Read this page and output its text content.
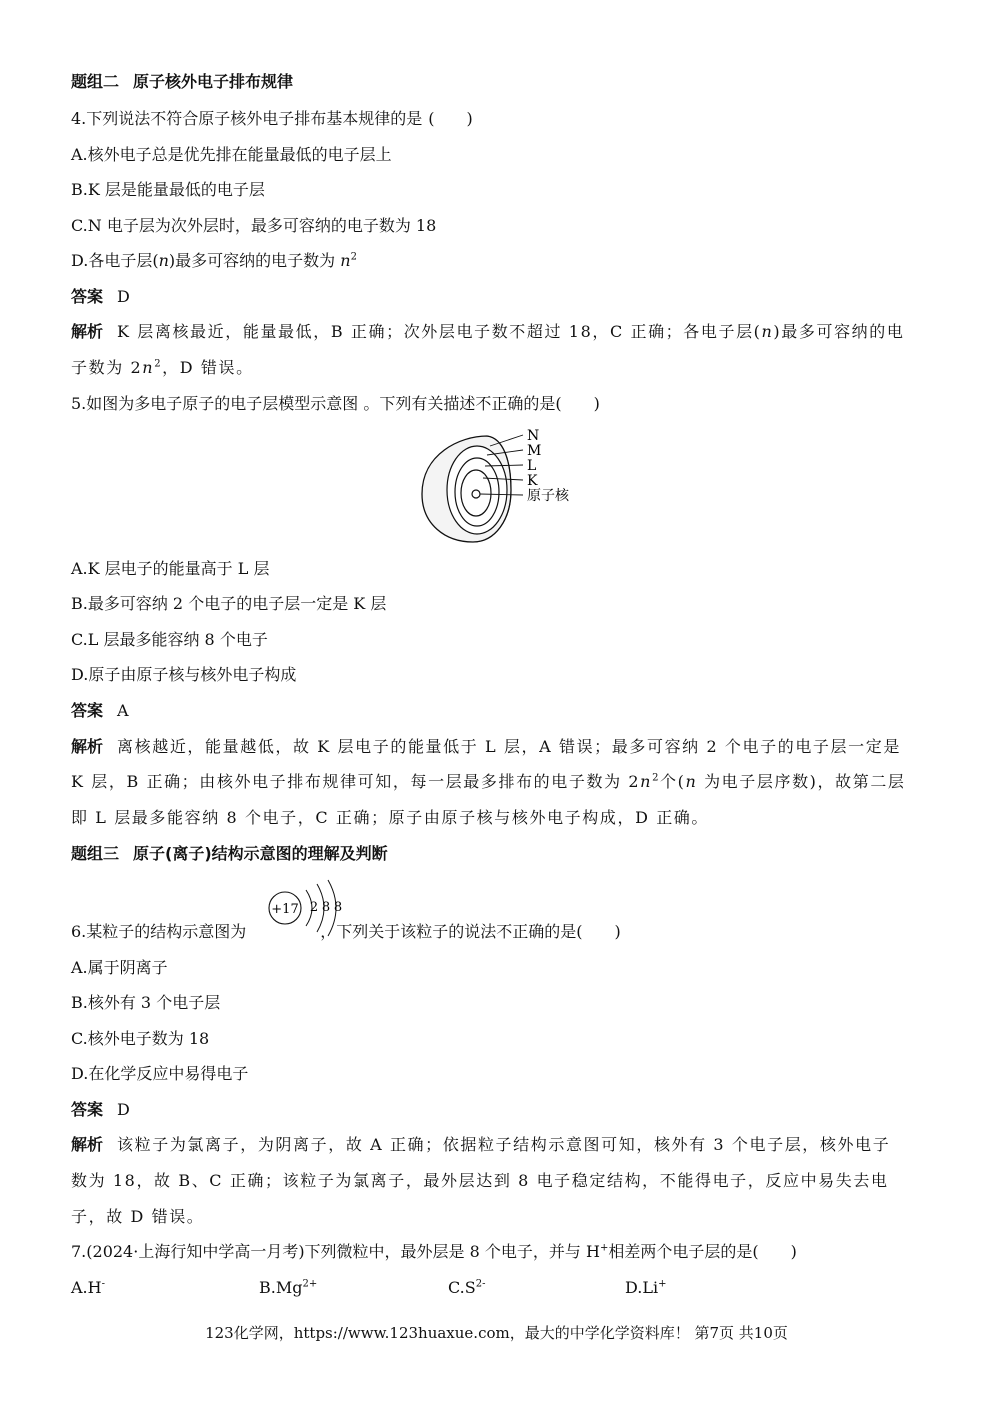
题组二 原子核外电子排布规律
4.下列说法不符合原子核外电子排布基本规律的是 (　　)
A.核外电子总是优先排在能量最低的电子层上
B.K 层是能量最低的电子层
C.N 电子层为次外层时，最多可容纳的电子数为 18
D.各电子层(n)最多可容纳的电子数为 $n^2$
答案 D
解析 K 层离核最近，能量最低，B 正确；次外层电子数不超过 18，C 正确；各电子层(n)最多可容纳的电
子数为 $2n^2$，D 错误。
5.如图为多电子原子的电子层模型示意图 。下列有关描述不正确的是(　　)
N
M
L
K
原子核
A.K 层电子的能量高于 L 层
B.最多可容纳 2 个电子的电子层一定是 K 层
C.L 层最多能容纳 8 个电子
D.原子由原子核与核外电子构成
答案 A
解析 离核越近，能量越低，故 K 层电子的能量低于 L 层，A 错误；最多可容纳 2 个电子的电子层一定是
K 层，B 正确；由核外电子排布规律可知，每一层最多排布的电子数为 $2n^2$个(n 为电子层序数)，故第二层
即 L 层最多能容纳 8 个电子，C 正确；原子由原子核与核外电子构成，D 正确。
题组三 原子(离子)结构示意图的理解及判断
6.某粒子的结构示意图为	，下列关于该粒子的说法不正确的是(　　)
+17 2 8 8
A.属于阴离子
B.核外有 3 个电子层
C.核外电子数为 18
D.在化学反应中易得电子
答案 D
解析 该粒子为氯离子，为阴离子，故 A 正确；依据粒子结构示意图可知，核外有 3 个电子层，核外电子
数为 18，故 B、C 正确；该粒子为氯离子，最外层达到 8 电子稳定结构，不能得电子，反应中易失去电
子，故 D 错误。
7.(2024·上海行知中学高一月考)下列微粒中，最外层是 8 个电子，并与 H+相差两个电子层的是(　　)
A.H-	$B.Mg^{2+}$	$C.S^{2-}$	D.Li+
123化学网，https://www.123huaxue.com，最大的中学化学资料库！ 第7页 共10页
